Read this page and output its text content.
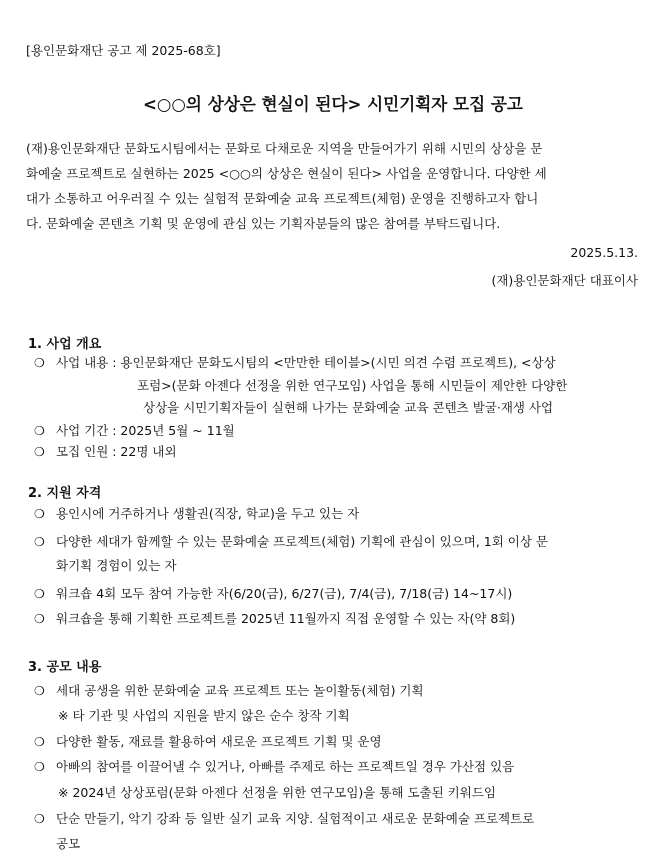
[용인문화재단 공고 제 2025-68호]
<○○의 상상은 현실이 된다> 시민기획자 모집 공고
(재)용인문화재단 문화도시팀에서는 문화로 다채로운 지역을 만들어가기 위해 시민의 상상을 문
화예술 프로젝트로 실현하는 2025 <○○의 상상은 현실이 된다> 사업을 운영합니다. 다양한 세
대가 소통하고 어우러질 수 있는 실험적 문화예술 교육 프로젝트(체험) 운영을 진행하고자 합니
다. 문화예술 콘텐츠 기획 및 운영에 관심 있는 기획자분들의 많은 참여를 부탁드립니다.
2025.5.13.
(재)용인문화재단 대표이사
1. 사업 개요
❍ 사업 내용 : 용인문화재단 문화도시팀의 <만만한 테이블>(시민 의견 수렴 프로젝트), <상상
포럼>(문화 아젠다 선정을 위한 연구모임) 사업을 통해 시민들이 제안한 다양한
상상을 시민기획자들이 실현해 나가는 문화예술 교육 콘텐츠 발굴·재생 사업
❍ 사업 기간 : 2025년 5월 ~ 11월
❍ 모집 인원 : 22명 내외
2. 지원 자격
❍ 용인시에 거주하거나 생활권(직장, 학교)을 두고 있는 자
❍ 다양한 세대가 함께할 수 있는 문화예술 프로젝트(체험) 기획에 관심이 있으며, 1회 이상 문
화기획 경험이 있는 자
❍ 워크숍 4회 모두 참여 가능한 자(6/20(금), 6/27(금), 7/4(금), 7/18(금) 14~17시)
❍ 워크숍을 통해 기획한 프로젝트를 2025년 11월까지 직접 운영할 수 있는 자(약 8회)
3. 공모 내용
❍ 세대 공생을 위한 문화예술 교육 프로젝트 또는 놀이활동(체험) 기획
※ 타 기관 및 사업의 지원을 받지 않은 순수 창작 기획
❍ 다양한 활동, 재료를 활용하여 새로운 프로젝트 기획 및 운영
❍ 아빠의 참여를 이끌어낼 수 있거나, 아빠를 주제로 하는 프로젝트일 경우 가산점 있음
※ 2024년 상상포럼(문화 아젠다 선정을 위한 연구모임)을 통해 도출된 키워드임
❍ 단순 만들기, 악기 강좌 등 일반 실기 교육 지양. 실험적이고 새로운 문화예술 프로젝트로
공모
